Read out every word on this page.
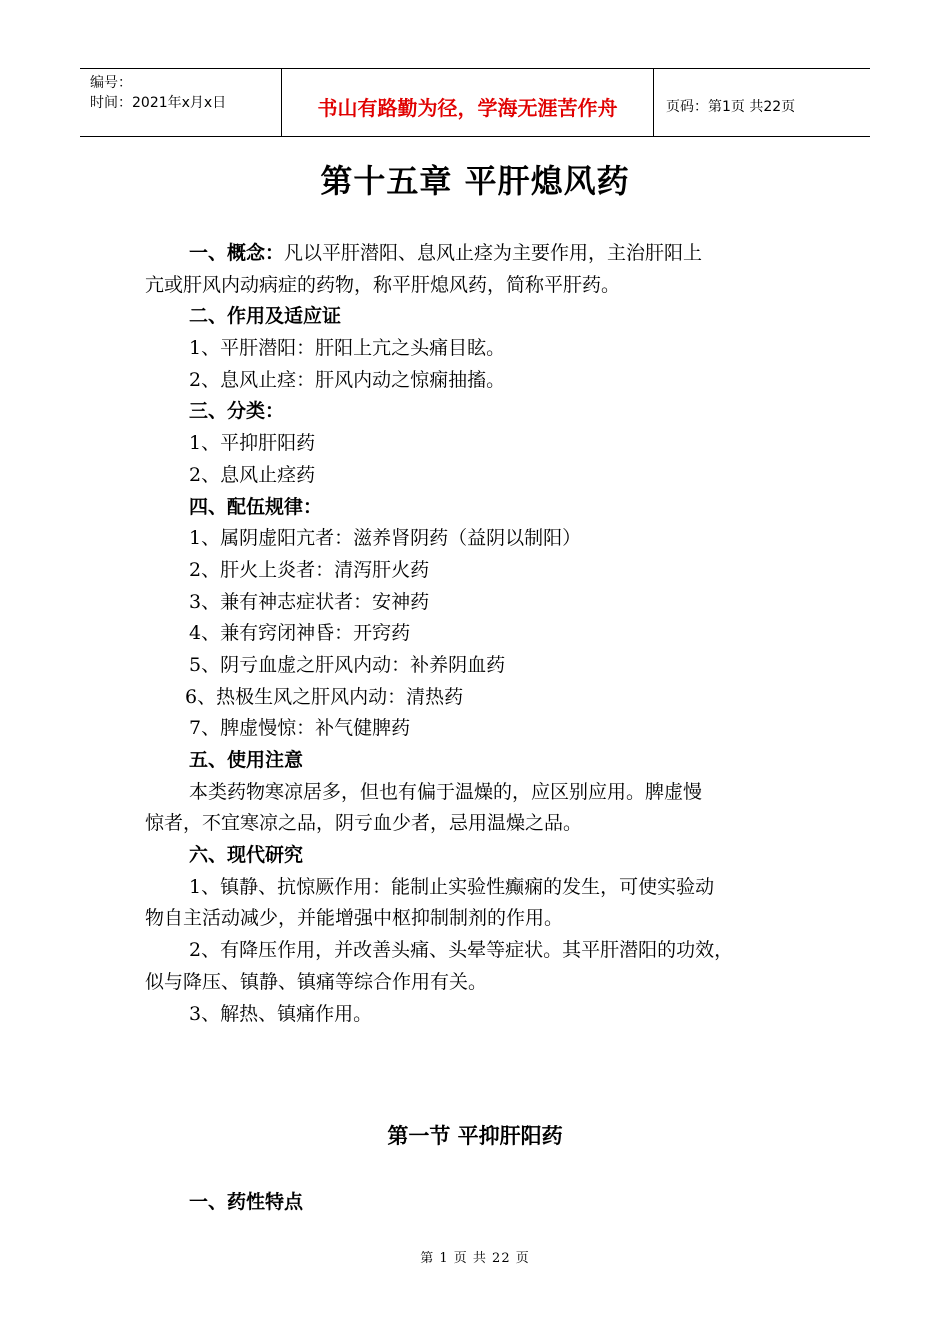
编号：
时间：2021年x月x日	书山有路勤为径，学海无涯苦作舟	页码：第1页 共22页
第十五章 平肝熄风药
一、概念：凡以平肝潜阳、息风止痉为主要作用，主治肝阳上
亢或肝风内动病症的药物，称平肝熄风药，简称平肝药。
二、作用及适应证
1、平肝潜阳：肝阳上亢之头痛目眩。
2、息风止痉：肝风内动之惊痫抽搐。
三、分类：
1、平抑肝阳药
2、息风止痉药
四、配伍规律：
1、属阴虚阳亢者：滋养肾阴药（益阴以制阳）
2、肝火上炎者：清泻肝火药
3、兼有神志症状者：安神药
4、兼有窍闭神昏：开窍药
5、阴亏血虚之肝风内动：补养阴血药
6、热极生风之肝风内动：清热药
7、脾虚慢惊：补气健脾药
五、使用注意
本类药物寒凉居多，但也有偏于温燥的，应区别应用。脾虚慢
惊者，不宜寒凉之品，阴亏血少者，忌用温燥之品。
六、现代研究
1、镇静、抗惊厥作用：能制止实验性癫痫的发生，可使实验动
物自主活动减少，并能增强中枢抑制制剂的作用。
2、有降压作用，并改善头痛、头晕等症状。其平肝潜阳的功效，
似与降压、镇静、镇痛等综合作用有关。
3、解热、镇痛作用。
第一节 平抑肝阳药
一、药性特点
第 1 页 共 22 页
